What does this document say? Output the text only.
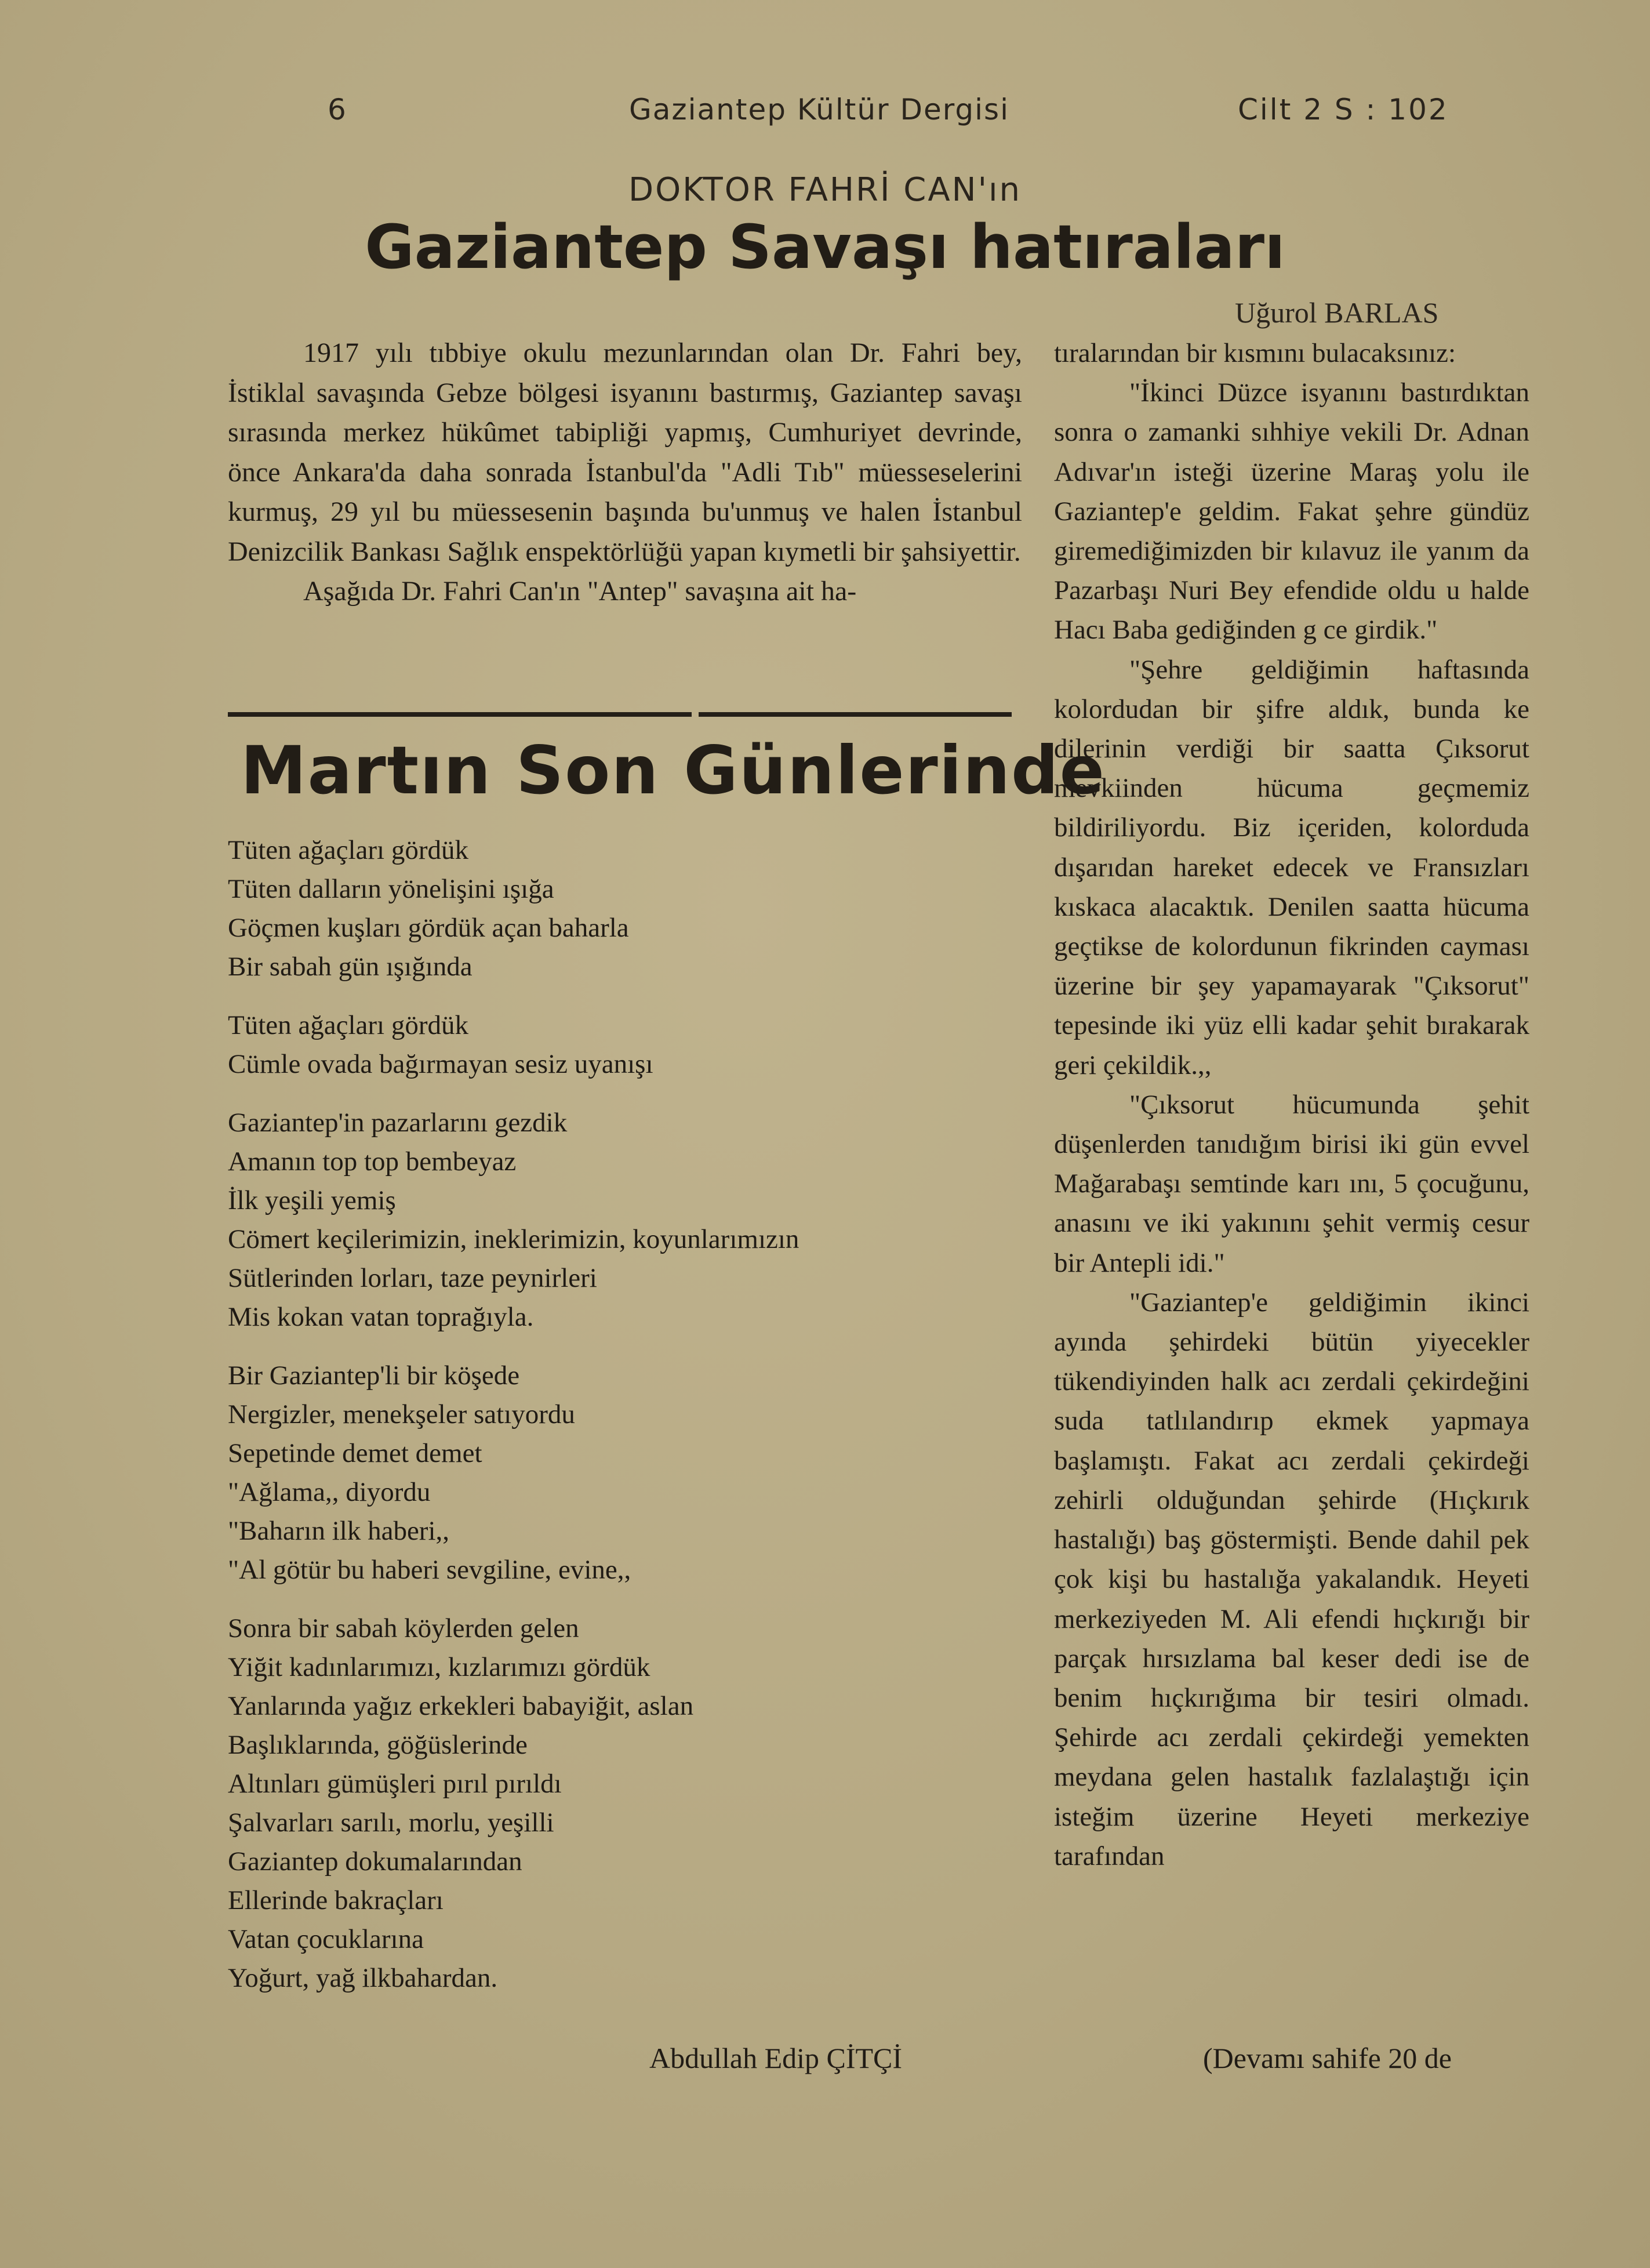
6	Gaziantep Kültür Dergisi	Cilt 2 S : 102
DOKTOR FAHRİ CAN'ın
Gaziantep Savaşı hatıraları
Uğurol BARLAS

1917 yılı tıbbiye okulu mezunlarından olan Dr. Fahri bey, İstiklal savaşında Gebze bölgesi isyanını bastırmış, Gaziantep savaşı sırasında merkez hükûmet tabipliği yapmış, Cumhuriyet devrinde, önce Ankara'da daha sonrada İstanbul'da "Adli Tıb" müesseselerini kurmuş, 29 yıl bu müessesenin başında bu'unmuş ve halen İstanbul Denizcilik Bankası Sağlık enspektörlüğü yapan kıymetli bir şahsiyettir.

Aşağıda Dr. Fahri Can'ın "Antep" savaşına ait ha-

Martın Son Günlerinde
Tüten ağaçları gördük
Tüten dalların yönelişini ışığa
Göçmen kuşları gördük açan baharla
Bir sabah gün ışığında
Tüten ağaçları gördük
Cümle ovada bağırmayan sesiz uyanışı
Gaziantep'in pazarlarını gezdik
Amanın top top bembeyaz
İlk yeşili yemiş
Cömert keçilerimizin, ineklerimizin, koyunlarımızın
Sütlerinden lorları, taze peynirleri
Mis kokan vatan toprağıyla.
Bir Gaziantep'li bir köşede
Nergizler, menekşeler satıyordu
Sepetinde demet demet
"Ağlama,, diyordu
"Baharın ilk haberi,,
"Al götür bu haberi sevgiline, evine,,
Sonra bir sabah köylerden gelen
Yiğit kadınlarımızı, kızlarımızı gördük
Yanlarında yağız erkekleri babayiğit, aslan
Başlıklarında, göğüslerinde
Altınları gümüşleri pırıl pırıldı
Şalvarları sarılı, morlu, yeşilli
Gaziantep dokumalarından
Ellerinde bakraçları
Vatan çocuklarına
Yoğurt, yağ ilkbahardan.
Abdullah Edip ÇİTÇİ

tıralarından bir kısmını bulacaksınız:

"İkinci Düzce isyanını bastırdıktan sonra o zamanki sıhhiye vekili Dr. Adnan Adıvar'ın isteği üzerine Maraş yolu ile Gaziantep'e geldim. Fakat şehre gündüz giremediğimizden bir kılavuz ile yanım da Pazarbaşı Nuri Bey efendide oldu u halde Hacı Baba gediğinden g ce girdik."

"Şehre geldiğimin haftasında kolordudan bir şifre aldık, bunda ke dilerinin verdiği bir saatta Çıksorut mevkiinden hücuma geçmemiz bildiriliyordu. Biz içeriden, kolorduda dışarıdan hareket edecek ve Fransızları kıskaca alacaktık. Denilen saatta hücuma geçtikse de kolordunun fikrinden cayması üzerine bir şey yapamayarak "Çıksorut" tepesinde iki yüz elli kadar şehit bırakarak geri çekildik.,,

"Çıksorut hücumunda şehit düşenlerden tanıdığım birisi iki gün evvel Mağarabaşı semtinde karı ını, 5 çocuğunu, anasını ve iki yakınını şehit vermiş cesur bir Antepli idi."

"Gaziantep'e geldiğimin ikinci ayında şehirdeki bütün yiyecekler tükendiyinden halk acı zerdali çekirdeğini suda tatlılandırıp ekmek yapmaya başlamıştı. Fakat acı zerdali çekirdeği zehirli olduğundan şehirde (Hıçkırık hastalığı) baş göstermişti. Bende dahil pek çok kişi bu hastalığa yakalandık. Heyeti merkeziyeden M. Ali efendi hıçkırığı bir parçak hırsızlama bal keser dedi ise de benim hıçkırığıma bir tesiri olmadı. Şehirde acı zerdali çekirdeği yemekten meydana gelen hastalık fazlalaştığı için isteğim üzerine Heyeti merkeziye tarafından

(Devamı sahife 20 de
